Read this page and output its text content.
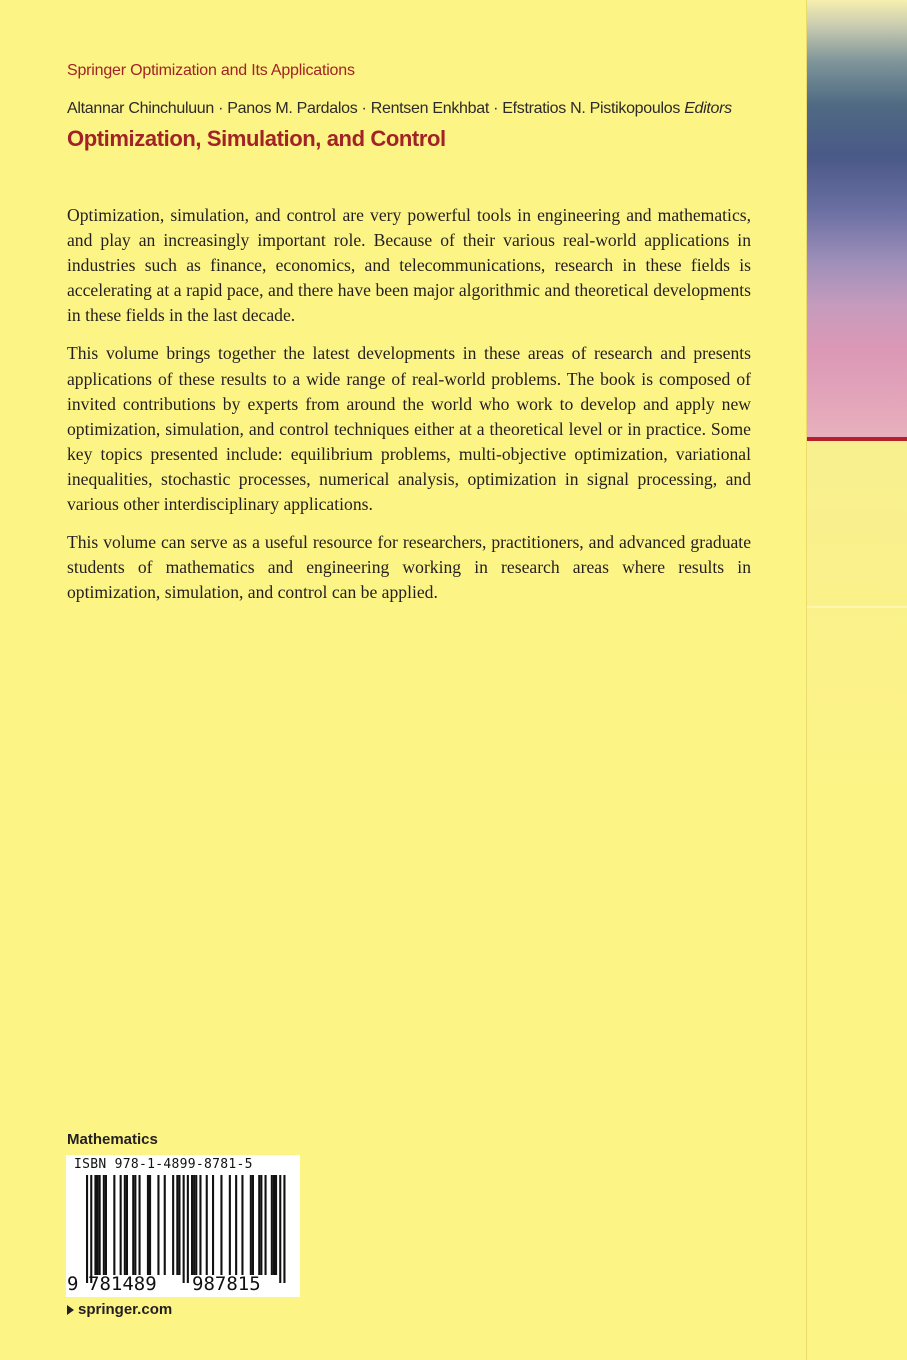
Springer Optimization and Its Applications
Altannar Chinchuluun · Panos M. Pardalos · Rentsen Enkhbat · Efstratios N. Pistikopoulos Editors
Optimization, Simulation, and Control

Optimization, simulation, and control are very powerful tools in engineering and mathematics, and play an increasingly important role. Because of their various real-world applications in industries such as finance, economics, and telecommunications, research in these fields is accelerating at a rapid pace, and there have been major algorithmic and theoretical developments in these fields in the last decade.

This volume brings together the latest developments in these areas of research and presents applications of these results to a wide range of real-world problems. The book is composed of invited contributions by experts from around the world who work to develop and apply new optimization, simulation, and control techniques either at a theoretical level or in practice. Some key topics presented include: equilibrium problems, multi-objective optimization, variational inequalities, stochastic processes, numerical analysis, optimization in signal processing, and various other interdisciplinary applications.

This volume can serve as a useful resource for researchers, practitioners, and advanced graduate students of mathematics and engineering working in research areas where results in optimization, simulation, and control can be applied.

Mathematics
ISBN 978-1-4899-8781-5
9 781489 987815
springer.com
